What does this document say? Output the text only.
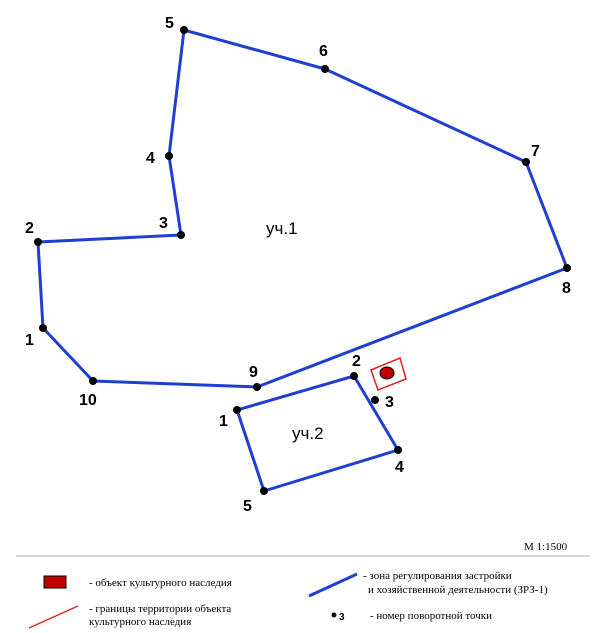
1
2	3
4
5
6
7
8
9
10
1
2
3
4
5
уч.1
уч.2
М 1:1500
- объект культурного наследия
- границы территории объекта
культурного наследия
- зона регулирования застройки
и хозяйственной деятельности (ЗРЗ-1)
3 - номер поворотной точки
